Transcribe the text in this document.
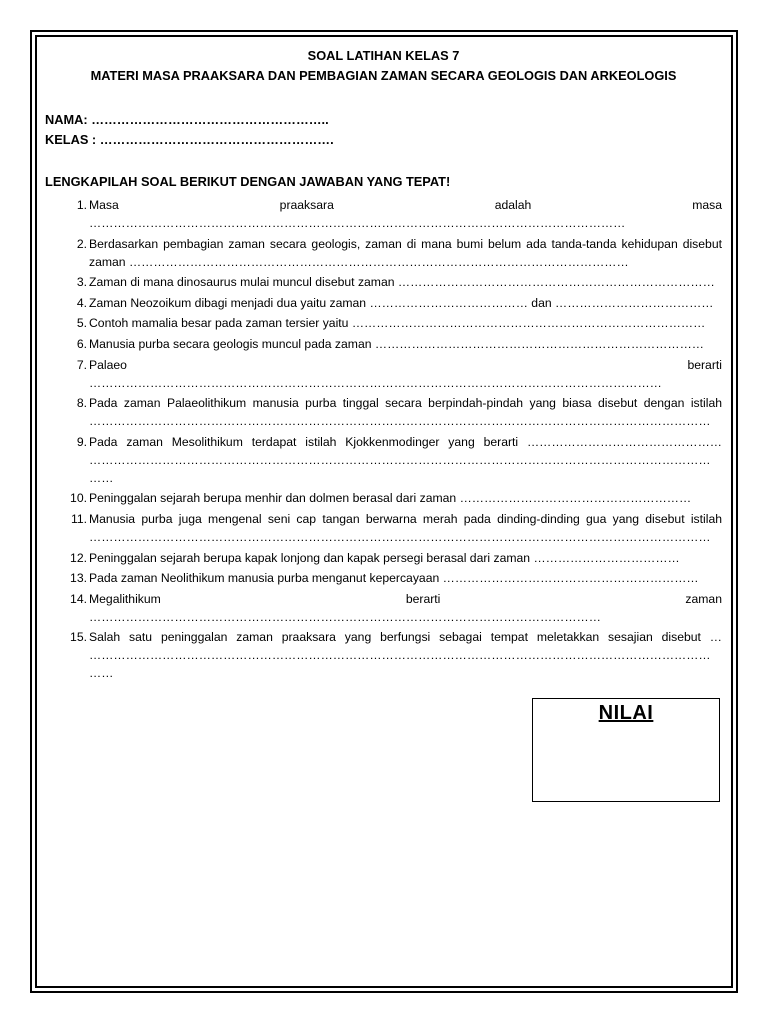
SOAL LATIHAN KELAS 7
MATERI MASA PRAAKSARA DAN PEMBAGIAN ZAMAN SECARA GEOLOGIS DAN ARKEOLOGIS
NAMA: ………………………………………………..
KELAS : ……………………………………………….
LENGKAPILAH SOAL BERIKUT DENGAN JAWABAN YANG TEPAT!
1. Masa praaksara adalah masa ……………………………………………………………………………………………………………………
2. Berdasarkan pembagian zaman secara geologis, zaman di mana bumi belum ada tanda-tanda kehidupan disebut zaman ……………………………………………………………………………………………………………
3. Zaman di mana dinosaurus mulai muncul disebut zaman ……………………………………………………………………
4. Zaman Neozoikum dibagi menjadi dua yaitu zaman ………………………………… dan …………………………………
5. Contoh mamalia besar pada zaman tersier yaitu ……………………………………………………………………………
6. Manusia purba secara geologis muncul pada zaman ………………………………………………………………………
7. Palaeo berarti ……………………………………………………………………………………………………………………………
8. Pada zaman Palaeolithikum manusia purba tinggal secara berpindah-pindah yang biasa disebut dengan istilah ………………………………………………………………………………………………………………………………………
9. Pada zaman Mesolithikum terdapat istilah Kjokkenmodinger yang berarti ………………………………………… ……………………………………………………………………………………………………………………………………………
10. Peninggalan sejarah berupa menhir dan dolmen berasal dari zaman …………………………………………………
11. Manusia purba juga mengenal seni cap tangan berwarna merah pada dinding-dinding gua yang disebut istilah ………………………………………………………………………………………………………………………………………
12. Peninggalan sejarah berupa kapak lonjong dan kapak persegi berasal dari zaman ………………………………
13. Pada zaman Neolithikum manusia purba menganut kepercayaan ………………………………………………………
14. Megalithikum berarti zaman ………………………………………………………………………………………………………………
15. Salah satu peninggalan zaman praaksara yang berfungsi sebagai tempat meletakkan sesajian disebut … ……………………………………………………………………………………………………………………………………………
NILAI
